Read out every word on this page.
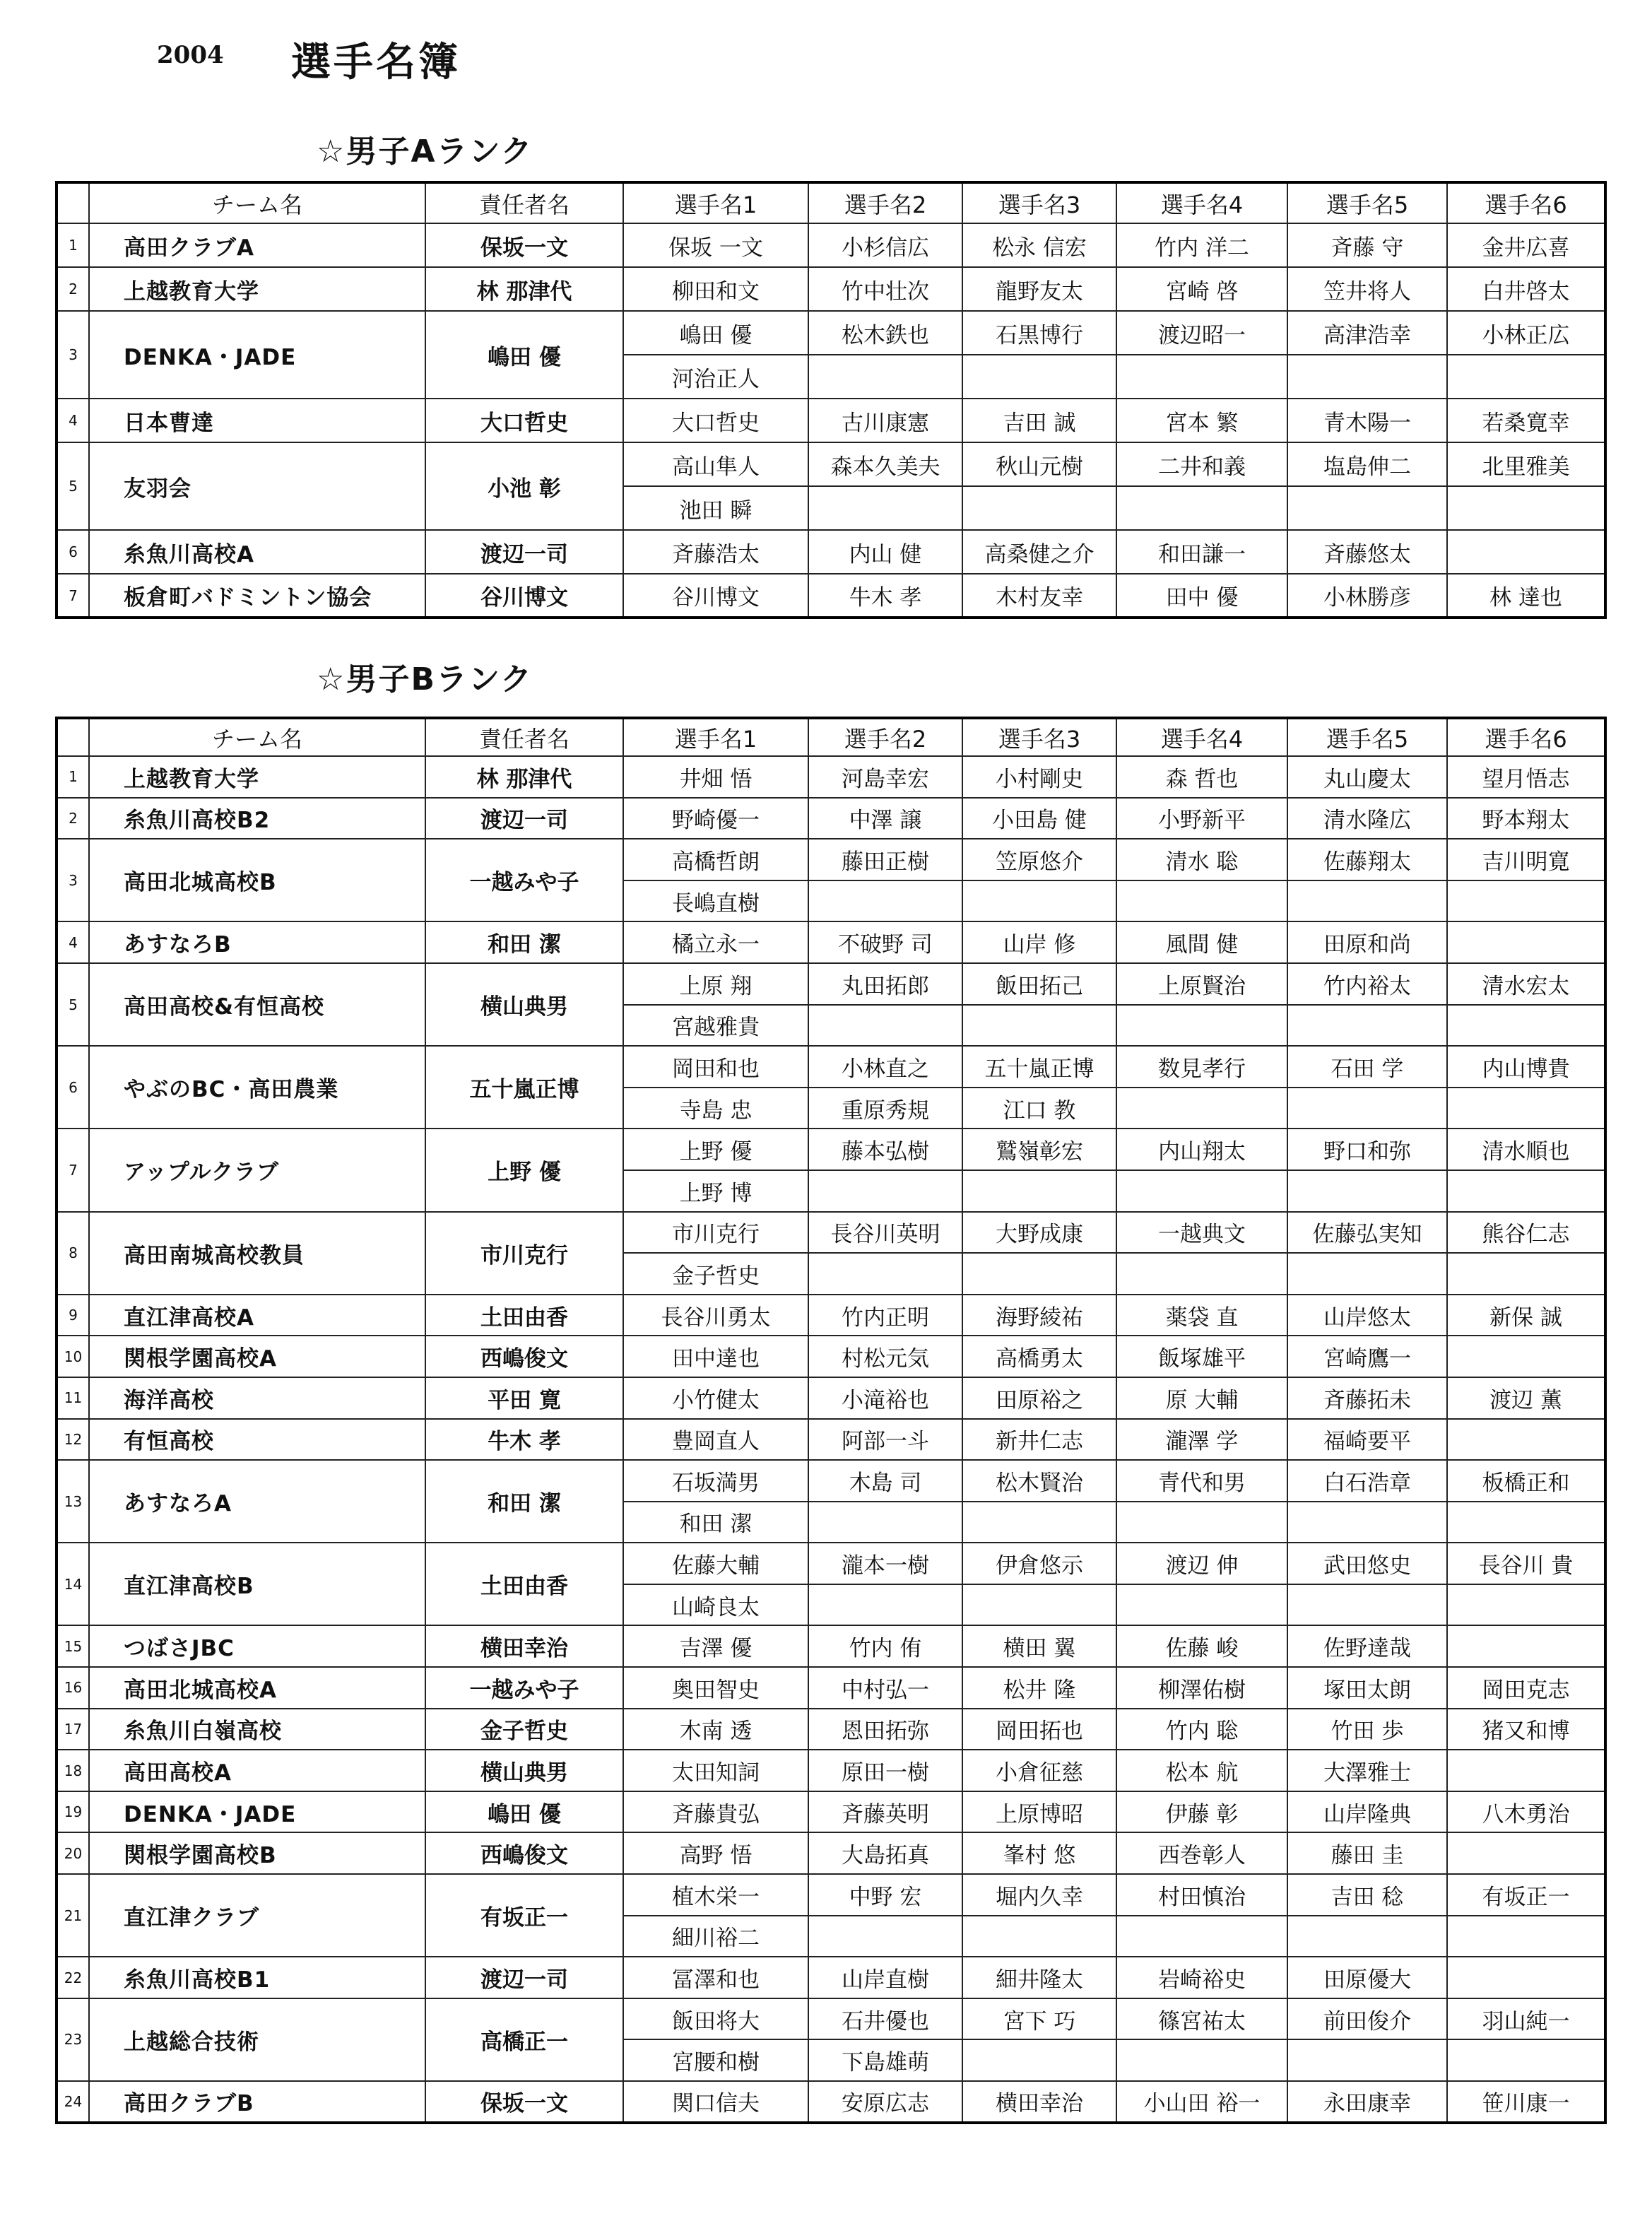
2004 選手名簿
☆男子Aランク
	チーム名	責任者名	選手名1	選手名2	選手名3	選手名4	選手名5	選手名6
1	高田クラブA	保坂一文	保坂 一文	小杉信広	松永 信宏	竹内 洋二	斉藤 守	金井広喜
2	上越教育大学	林 那津代	柳田和文	竹中壮次	龍野友太	宮崎 啓	笠井将人	白井啓太
3	DENKA・JADE	嶋田 優	嶋田 優	松木鉄也	石黒博行	渡辺昭一	高津浩幸	小林正広
			河治正人					
4	日本曹達	大口哲史	大口哲史	古川康憲	吉田 誠	宮本 繁	青木陽一	若桑寛幸
5	友羽会	小池 彰	高山隼人	森本久美夫	秋山元樹	二井和義	塩島伸二	北里雅美
			池田 瞬					
6	糸魚川高校A	渡辺一司	斉藤浩太	内山 健	高桑健之介	和田謙一	斉藤悠太	
7	板倉町バドミントン協会	谷川博文	谷川博文	牛木 孝	木村友幸	田中 優	小林勝彦	林 達也
☆男子Bランク
	チーム名	責任者名	選手名1	選手名2	選手名3	選手名4	選手名5	選手名6
1	上越教育大学	林 那津代	井畑 悟	河島幸宏	小村剛史	森 哲也	丸山慶太	望月悟志
2	糸魚川高校B2	渡辺一司	野崎優一	中澤 譲	小田島 健	小野新平	清水隆広	野本翔太
3	高田北城高校B	一越みや子	高橋哲朗	藤田正樹	笠原悠介	清水 聡	佐藤翔太	吉川明寛
			長嶋直樹					
4	あすなろB	和田 潔	橘立永一	不破野 司	山岸 修	風間 健	田原和尚	
5	高田高校&有恒高校	横山典男	上原 翔	丸田拓郎	飯田拓己	上原賢治	竹内裕太	清水宏太
			宮越雅貴					
6	やぶのBC・高田農業	五十嵐正博	岡田和也	小林直之	五十嵐正博	数見孝行	石田 学	内山博貴
			寺島 忠	重原秀規	江口 教			
7	アップルクラブ	上野 優	上野 優	藤本弘樹	鷲嶺彰宏	内山翔太	野口和弥	清水順也
			上野 博					
8	高田南城高校教員	市川克行	市川克行	長谷川英明	大野成康	一越典文	佐藤弘実知	熊谷仁志
			金子哲史					
9	直江津高校A	土田由香	長谷川勇太	竹内正明	海野綾祐	薬袋 直	山岸悠太	新保 誠
10	関根学園高校A	西嶋俊文	田中達也	村松元気	高橋勇太	飯塚雄平	宮崎鷹一	
11	海洋高校	平田 寛	小竹健太	小滝裕也	田原裕之	原 大輔	斉藤拓未	渡辺 薫
12	有恒高校	牛木 孝	豊岡直人	阿部一斗	新井仁志	瀧澤 学	福崎要平	
13	あすなろA	和田 潔	石坂満男	木島 司	松木賢治	青代和男	白石浩章	板橋正和
			和田 潔					
14	直江津高校B	土田由香	佐藤大輔	瀧本一樹	伊倉悠示	渡辺 伸	武田悠史	長谷川 貴
			山崎良太					
15	つばさJBC	横田幸治	吉澤 優	竹内 侑	横田 翼	佐藤 峻	佐野達哉	
16	高田北城高校A	一越みや子	奥田智史	中村弘一	松井 隆	柳澤佑樹	塚田太朗	岡田克志
17	糸魚川白嶺高校	金子哲史	木南 透	恩田拓弥	岡田拓也	竹内 聡	竹田 歩	猪又和博
18	高田高校A	横山典男	太田知詞	原田一樹	小倉征慈	松本 航	大澤雅士	
19	DENKA・JADE	嶋田 優	斉藤貴弘	斉藤英明	上原博昭	伊藤 彰	山岸隆典	八木勇治
20	関根学園高校B	西嶋俊文	高野 悟	大島拓真	峯村 悠	西巻彰人	藤田 圭	
21	直江津クラブ	有坂正一	植木栄一	中野 宏	堀内久幸	村田慎治	吉田 稔	有坂正一
			細川裕二					
22	糸魚川高校B1	渡辺一司	冨澤和也	山岸直樹	細井隆太	岩崎裕史	田原優大	
23	上越総合技術	高橋正一	飯田将大	石井優也	宮下 巧	篠宮祐太	前田俊介	羽山純一
			宮腰和樹	下島雄萌				
24	高田クラブB	保坂一文	関口信夫	安原広志	横田幸治	小山田 裕一	永田康幸	笹川康一
